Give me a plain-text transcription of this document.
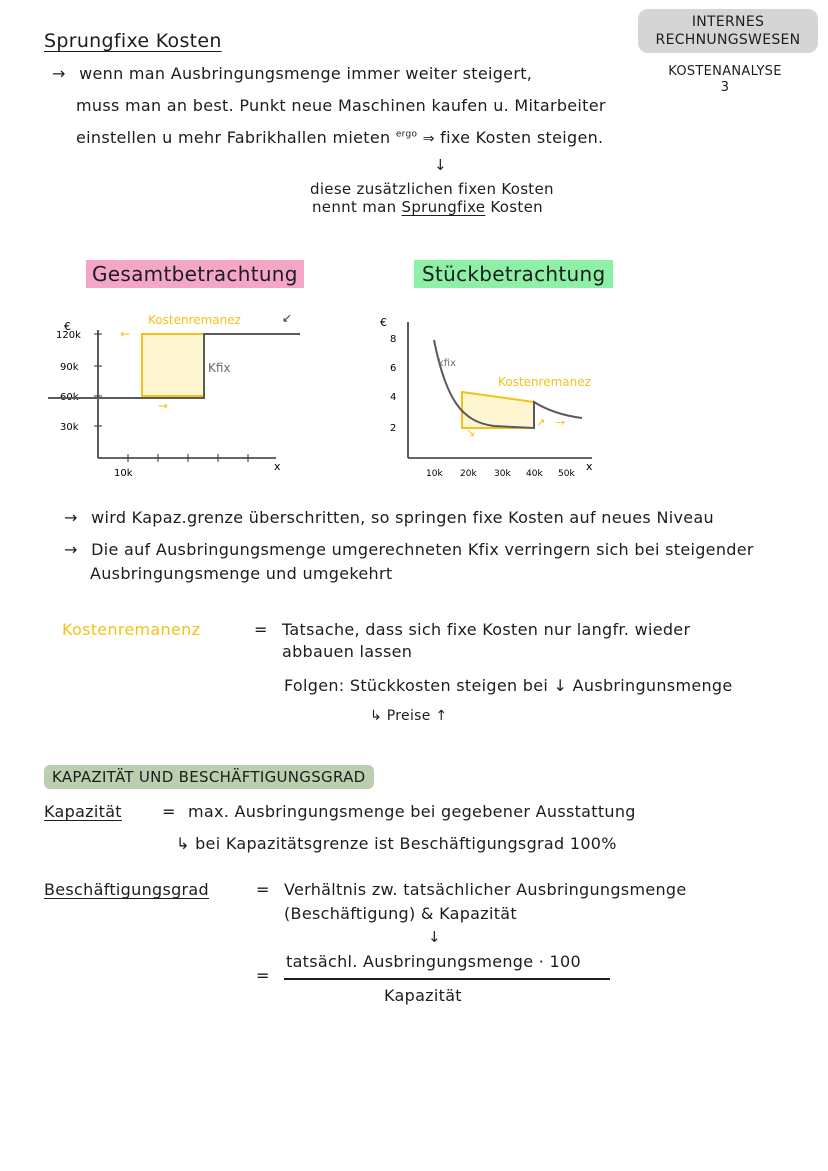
INTERNES
RECHNUNGSWESEN
KOSTENANALYSE
3
Sprungfixe Kosten
→ wenn man Ausbringungsmenge immer weiter steigert,
muss man an best. Punkt neue Maschinen kaufen u. Mitarbeiter
einstellen u mehr Fabrikhallen mieten $^{ergo}$ ⇒ fixe Kosten steigen.
↓
diese zusätzlichen fixen Kosten
nennt man Sprungfixe Kosten
Gesamtbetrachtung	Stückbetrachtung
€
x
120k
90k
60k
30k
10k
Kostenremanez
Kfix
←
→
↙	€
x
8
6
4
2
10k 20k 30k 40k 50k
kfix
Kostenremanez
↘
↗ →
→ wird Kapaz.grenze überschritten, so springen fixe Kosten auf neues Niveau
→ Die auf Ausbringungsmenge umgerechneten Kfix verringern sich bei steigender
Ausbringungsmenge und umgekehrt
Kostenremanenz	= Tatsache, dass sich fixe Kosten nur langfr. wieder
abbauen lassen
Folgen: Stückkosten steigen bei ↓ Ausbringunsmenge
↳ Preise ↑
KAPAZITÄT UND BESCHÄFTIGUNGSGRAD
Kapazität	= max. Ausbringungsmenge bei gegebener Ausstattung
↳ bei Kapazitätsgrenze ist Beschäftigungsgrad 100%
Beschäftigungsgrad	= Verhältnis zw. tatsächlicher Ausbringungsmenge
(Beschäftigung) & Kapazität
↓
=
tatsächl. Ausbringungsmenge · 100
Kapazität
